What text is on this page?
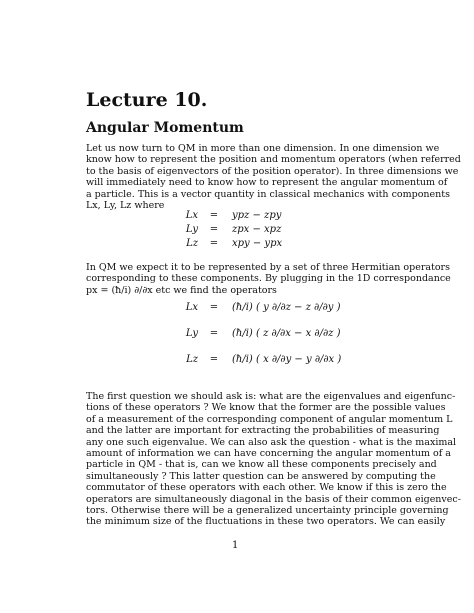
Lecture 10.
Angular Momentum
Let us now turn to QM in more than one dimension. In one dimension we
know how to represent the position and momentum operators (when referred
to the basis of eigenvectors of the position operator). In three dimensions we
will immediately need to know how to represent the angular momentum of
a particle. This is a vector quantity in classical mechanics with components
Lx, Ly, Lz where
Lx	=	ypz − zpy
Ly	=	zpx − xpz
Lz	=	xpy − ypx
In QM we expect it to be represented by a set of three Hermitian operators
corresponding to these components. By plugging in the 1D correspondance
px = (ħ/i) ∂/∂x etc we find the operators
Lx	=	(ħ/i) ( y ∂/∂z − z ∂/∂y )
Ly	=	(ħ/i) ( z ∂/∂x − x ∂/∂z )
Lz	=	(ħ/i) ( x ∂/∂y − y ∂/∂x )
The first question we should ask is: what are the eigenvalues and eigenfunc-
tions of these operators ? We know that the former are the possible values
of a measurement of the corresponding component of angular momentum L
and the latter are important for extracting the probabilities of measuring
any one such eigenvalue. We can also ask the question - what is the maximal
amount of information we can have concerning the angular momentum of a
particle in QM - that is, can we know all these components precisely and
simultaneously ? This latter question can be answered by computing the
commutator of these operators with each other. We know if this is zero the
operators are simultaneously diagonal in the basis of their common eigenvec-
tors. Otherwise there will be a generalized uncertainty principle governing
the minimum size of the fluctuations in these two operators. We can easily
1
